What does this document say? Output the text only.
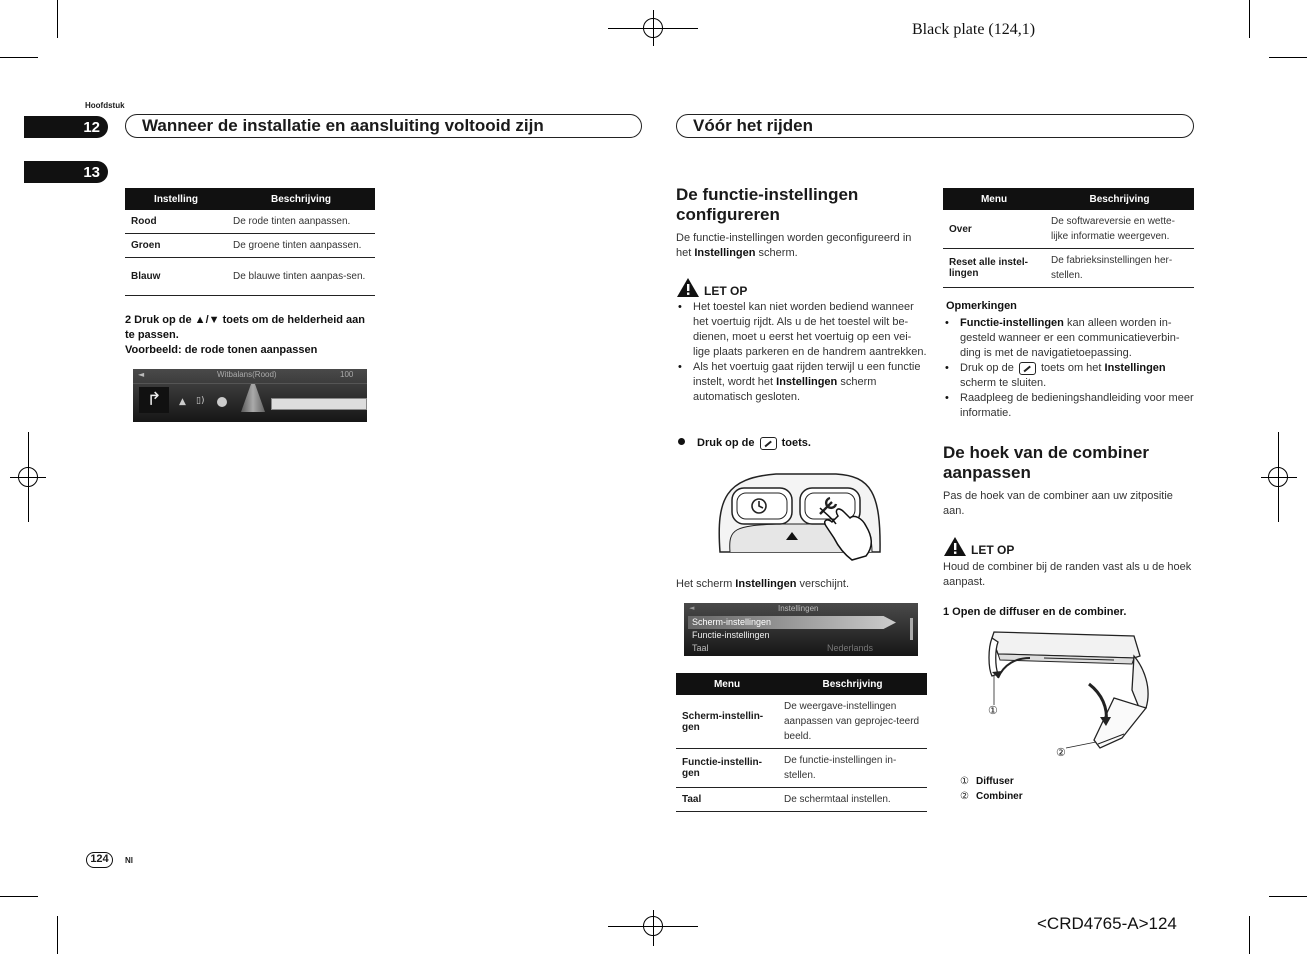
Black plate (124,1)
Hoofdstuk
12
13
Wanneer de installatie en aansluiting voltooid zijn	Vóór het rijden
Instelling	Beschrijving
Rood	De rode tinten aanpassen.
Groen	De groene tinten aanpassen.
Blauw	De blauwe tinten aanpas-sen.
2 Druk op de ▲/▼ toets om de helderheid aan te passen.
Voorbeeld: de rode tonen aanpassen
◄	Witbalans(Rood)	100
↱	▲ ▯)
De functie-instellingen configureren
De functie-instellingen worden geconfigureerd in het Instellingen scherm.
LET OP
• Het toestel kan niet worden bediend wanneer het voertuig rijdt. Als u de het toestel wilt be-dienen, moet u eerst het voertuig op een vei-lige plaats parkeren en de handrem aantrekken.
• Als het voertuig gaat rijden terwijl u een functie instelt, wordt het Instellingen scherm automatisch gesloten.
Druk op de toets.
Het scherm Instellingen verschijnt.
◄	Instellingen
Scherm-instellingen
Functie-instellingen
Taal	Nederlands
Menu	Beschrijving
Scherm-instellin-gen	De weergave-instellingen aanpassen van geprojec-teerd beeld.
Functie-instellin-gen	De functie-instellingen in-stellen.
Taal	De schermtaal instellen.
Menu	Beschrijving
Over	De softwareversie en wette-lijke informatie weergeven.
Reset alle instel-lingen	De fabrieksinstellingen her-stellen.
Opmerkingen
• Functie-instellingen kan alleen worden in-gesteld wanneer er een communicatieverbin-ding is met de navigatietoepassing.
• Druk op de toets om het Instellingen scherm te sluiten.
• Raadpleeg de bedieningshandleiding voor meer informatie.
De hoek van de combiner aanpassen
Pas de hoek van de combiner aan uw zitpositie aan.
LET OP
Houd de combiner bij de randen vast als u de hoek aanpast.
1 Open de diffuser en de combiner.
①
②
① Diffuser
② Combiner
124	Nl
<CRD4765-A>124
